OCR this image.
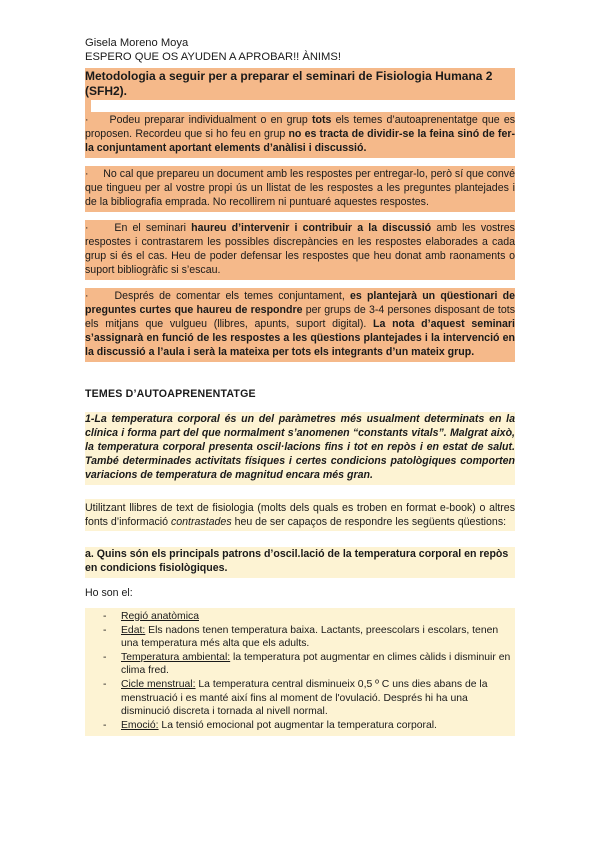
Gisela Moreno Moya

ESPERO QUE OS AYUDEN A APROBAR!! ÀNIMS!

Metodologia a seguir per a preparar el seminari de Fisiologia Humana 2 (SFH2).

· Podeu preparar individualment o en grup tots els temes d’autoaprenentatge que es proposen. Recordeu que si ho feu en grup no es tracta de dividir-se la feina sinó de fer-la conjuntament aportant elements d’anàlisi i discussió.
· No cal que prepareu un document amb les respostes per entregar-lo, però sí que convé que tingueu per al vostre propi ús un llistat de les respostes a les preguntes plantejades i de la bibliografia emprada. No recollirem ni puntuaré aquestes respostes.
· En el seminari haureu d’intervenir i contribuir a la discussió amb les vostres respostes i contrastarem les possibles discrepàncies en les respostes elaborades a cada grup si és el cas. Heu de poder defensar les respostes que heu donat amb raonaments o suport bibliogràfic si s’escau.
· Després de comentar els temes conjuntament, es plantejarà un qüestionari de preguntes curtes que haureu de respondre per grups de 3-4 persones disposant de tots els mitjans que vulgueu (llibres, apunts, suport digital). La nota d’aquest seminari s’assignarà en funció de les respostes a les qüestions plantejades i la intervenció en la discussió a l’aula i serà la mateixa per tots els integrants d’un mateix grup.

TEMES D’AUTOAPRENENTATGE

1-La temperatura corporal és un del paràmetres més usualment determinats en la clínica i forma part del que normalment s’anomenen “constants vitals”. Malgrat això, la temperatura corporal presenta oscil·lacions fins i tot en repòs i en estat de salut. També determinades activitats físiques i certes condicions patològiques comporten variacions de temperatura de magnitud encara més gran.

Utilitzant llibres de text de fisiologia (molts dels quals es troben en format e-book) o altres fonts d’informació contrastades heu de ser capaços de respondre les següents qüestions:

a. Quins són els principals patrons d’oscil.lació de la temperatura corporal en repòs en condicions fisiològiques.

Ho son el:

- Regió anatòmica
- Edat: Els nadons tenen temperatura baixa. Lactants, preescolars i escolars, tenen una temperatura més alta que els adults.
- Temperatura ambiental: la temperatura pot augmentar en climes càlids i disminuir en clima fred.
- Cicle menstrual: La temperatura central disminueix 0,5 º C uns dies abans de la menstruació i es manté així fins al moment de l'ovulació. Després hi ha una disminució discreta i tornada al nivell normal.
- Emoció: La tensió emocional pot augmentar la temperatura corporal.
